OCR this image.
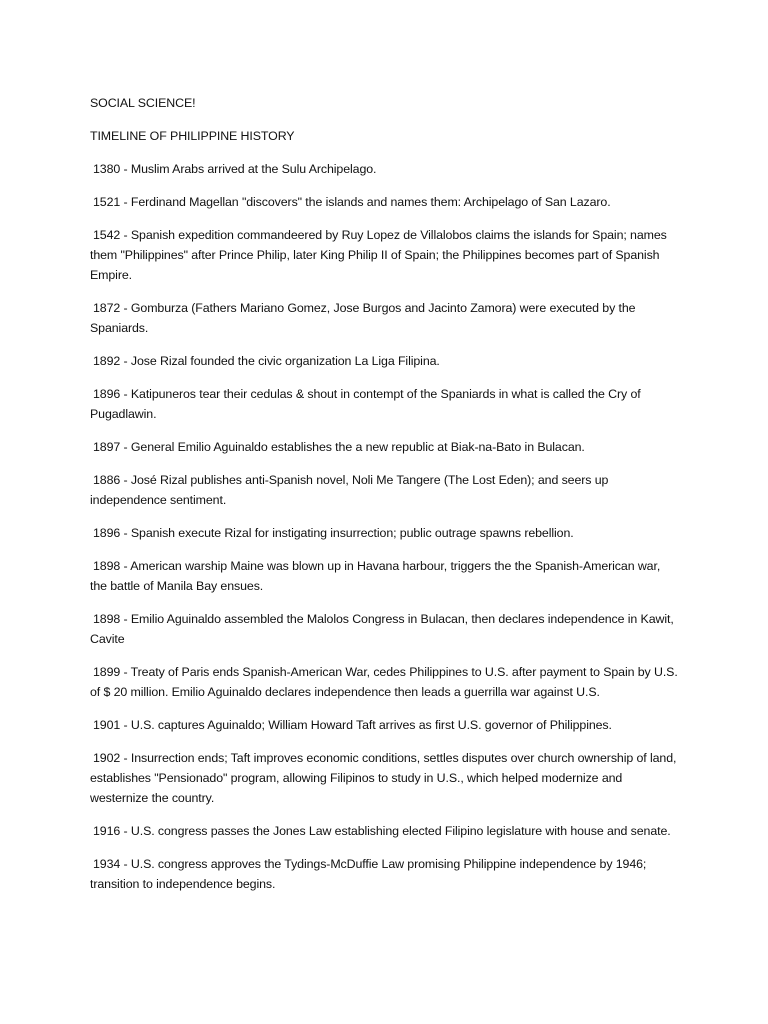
SOCIAL SCIENCE!

TIMELINE OF PHILIPPINE HISTORY

1380 - Muslim Arabs arrived at the Sulu Archipelago.

1521 - Ferdinand Magellan "discovers" the islands and names them: Archipelago of San Lazaro.

1542 - Spanish expedition commandeered by Ruy Lopez de Villalobos claims the islands for Spain; names them "Philippines" after Prince Philip, later King Philip II of Spain; the Philippines becomes part of Spanish Empire.

1872 - Gomburza (Fathers Mariano Gomez, Jose Burgos and Jacinto Zamora) were executed by the Spaniards.

1892 - Jose Rizal founded the civic organization La Liga Filipina.

1896 - Katipuneros tear their cedulas & shout in contempt of the Spaniards in what is called the Cry of Pugadlawin.

1897 - General Emilio Aguinaldo establishes the a new republic at Biak-na-Bato in Bulacan.

1886 - José Rizal publishes anti-Spanish novel, Noli Me Tangere (The Lost Eden); and seers up independence sentiment.

1896 - Spanish execute Rizal for instigating insurrection; public outrage spawns rebellion.

1898 - American warship Maine was blown up in Havana harbour, triggers the the Spanish-American war, the battle of Manila Bay ensues.

1898 - Emilio Aguinaldo assembled the Malolos Congress in Bulacan, then declares independence in Kawit, Cavite

1899 - Treaty of Paris ends Spanish-American War, cedes Philippines to U.S. after payment to Spain by U.S. of $ 20 million. Emilio Aguinaldo declares independence then leads a guerrilla war against U.S.

1901 - U.S. captures Aguinaldo; William Howard Taft arrives as first U.S. governor of Philippines.

1902 - Insurrection ends; Taft improves economic conditions, settles disputes over church ownership of land, establishes "Pensionado" program, allowing Filipinos to study in U.S., which helped modernize and westernize the country.

1916 - U.S. congress passes the Jones Law establishing elected Filipino legislature with house and senate.

1934 - U.S. congress approves the Tydings-McDuffie Law promising Philippine independence by 1946; transition to independence begins.
